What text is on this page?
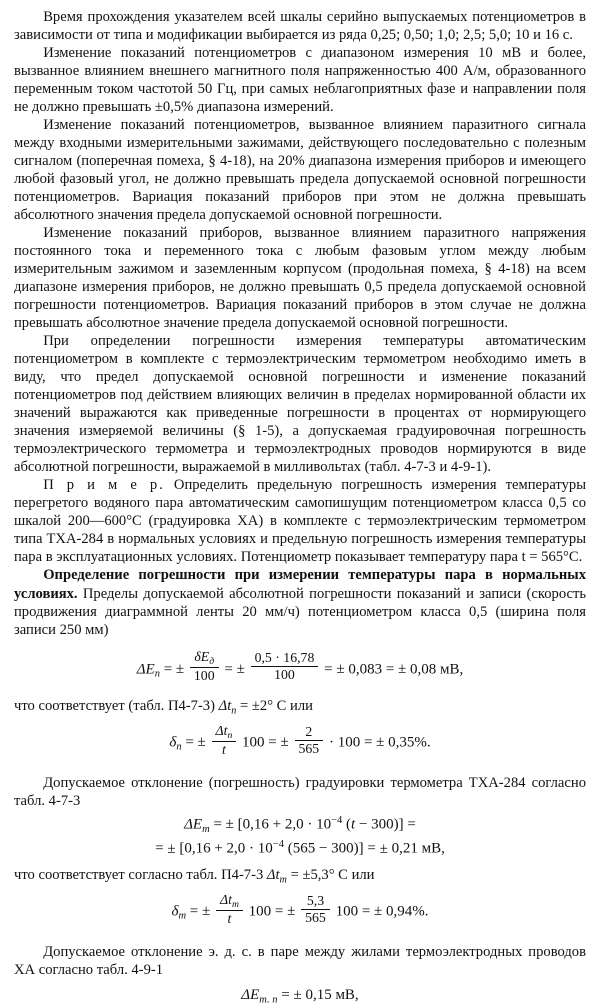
Время прохождения указателем всей шкалы серийно выпускаемых потенциометров в зависимости от типа и модификации выбирается из ряда 0,25; 0,50; 1,0; 2,5; 5,0; 10 и 16 с.

Изменение показаний потенциометров с диапазоном измерения 10 мВ и более, вызванное влиянием внешнего магнитного поля напряженностью 400 А/м, образованного переменным током частотой 50 Гц, при самых неблагоприятных фазе и направлении поля не должно превышать ±0,5% диапазона измерений.

Изменение показаний потенциометров, вызванное влиянием паразитного сигнала между входными измерительными зажимами, действующего последовательно с полезным сигналом (поперечная помеха, § 4-18), на 20% диапазона измерения приборов и имеющего любой фазовый угол, не должно превышать предела допускаемой основной погрешности потенциометров. Вариация показаний приборов при этом не должна превышать абсолютного значения предела допускаемой основной погрешности.

Изменение показаний приборов, вызванное влиянием паразитного напряжения постоянного тока и переменного тока с любым фазовым углом между любым измерительным зажимом и заземленным корпусом (продольная помеха, § 4-18) на всем диапазоне измерения приборов, не должно превышать 0,5 предела допускаемой основной погрешности потенциометров. Вариация показаний приборов в этом случае не должна превышать абсолютное значение предела допускаемой основной погрешности.

При определении погрешности измерения температуры автоматическим потенциометром в комплекте с термоэлектрическим термометром необходимо иметь в виду, что предел допускаемой основной погрешности и изменение показаний потенциометров под действием влияющих величин в пределах нормированной области их значений выражаются как приведенные погрешности в процентах от нормирующего значения измеряемой величины (§ 1-5), а допускаемая градуировочная погрешность термоэлектрического термометра и термоэлектродных проводов нормируются в виде абсолютной погрешности, выражаемой в милливольтах (табл. 4-7-3 и 4-9-1).

П р и м е р. Определить предельную погрешность измерения температуры перегретого водяного пара автоматическим самопишущим потенциометром класса 0,5 со шкалой 200—600°C (градуировка ХА) в комплекте с термоэлектрическим термометром типа ТХА-284 в нормальных условиях и предельную погрешность измерения температуры пара в эксплуатационных условиях. Потенциометр показывает температуру пара t = 565°C.

Определение погрешности при измерении температуры пара в нормальных условиях. Пределы допускаемой абсолютной погрешности показаний и записи (скорость продвижения диаграммной ленты 20 мм/ч) потенциометром класса 0,5 (ширина поля записи 250 мм)

$\Delta E_п$ = ± $\frac{\delta E_д}{100}$ = ± $\frac{0,5 \cdot 16,78}{100}$ = ± 0,083 = ± 0,08 мВ,

что соответствует (табл. П4-7-3) $\Delta t_п = \pm 2^\circ$ C или

$\delta_п$ = ± $\frac{\Delta t_п}{t} 100$ = ± $\frac{2}{565} \cdot 100$ = ± 0,35%.

Допускаемое отклонение (погрешность) градуировки термометра ТХА-284 согласно табл. 4-7-3

$\Delta E_т$ = ± [$0,16 + 2,0 \cdot 10^{-4}$ (t − 300)] =
= ± [$0,16 + 2,0 \cdot 10^{-4}$ (565 − 300)] = ± 0,21 мВ,

что соответствует согласно табл. П4-7-3 $\Delta t_т = \pm 5,3^\circ$ C или

$\delta_т$ = ± $\frac{\Delta t_т}{t} 100$ = ± $\frac{5,3}{565} 100$ = ± 0,94%.

Допускаемое отклонение э. д. с. в паре между жилами термоэлектродных проводов ХА согласно табл. 4-9-1

$\Delta E_{т. п}$ = ± 0,15 мВ,
